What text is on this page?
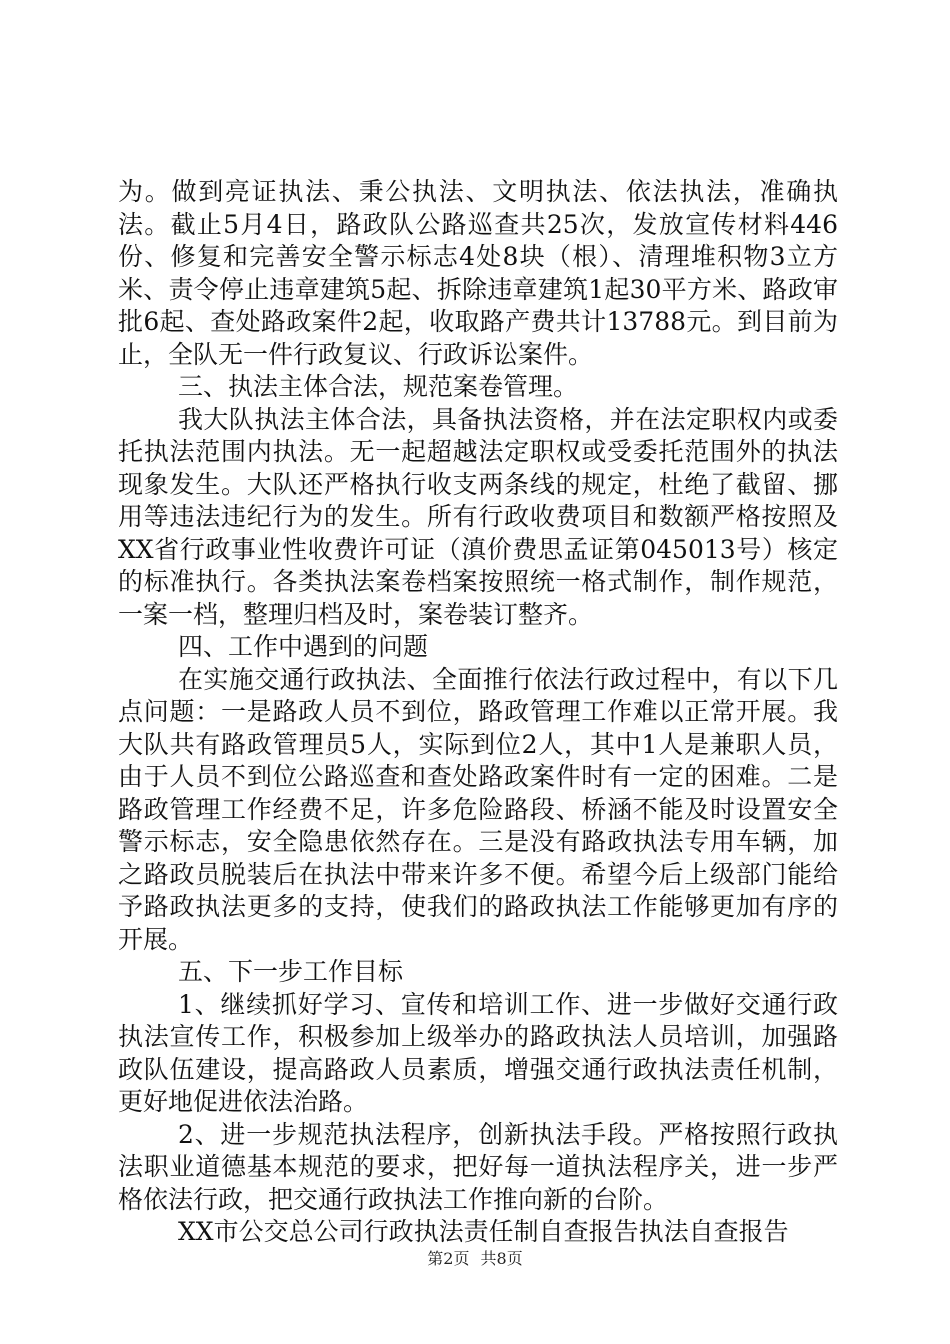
为。做到亮证执法、秉公执法、文明执法、依法执法，准确执法。截止5月4日，路政队公路巡查共25次，发放宣传材料446份、修复和完善安全警示标志4处8块（根）、清理堆积物3立方米、责令停止违章建筑5起、拆除违章建筑1起30平方米、路政审批6起、查处路政案件2起，收取路产费共计13788元。到目前为止，全队无一件行政复议、行政诉讼案件。

三、执法主体合法，规范案卷管理。

我大队执法主体合法，具备执法资格，并在法定职权内或委托执法范围内执法。无一起超越法定职权或受委托范围外的执法现象发生。大队还严格执行收支两条线的规定，杜绝了截留、挪用等违法违纪行为的发生。所有行政收费项目和数额严格按照及XX省行政事业性收费许可证（滇价费思孟证第045013号）核定的标准执行。各类执法案卷档案按照统一格式制作，制作规范，一案一档，整理归档及时，案卷装订整齐。

四、工作中遇到的问题

在实施交通行政执法、全面推行依法行政过程中，有以下几点问题：一是路政人员不到位，路政管理工作难以正常开展。我大队共有路政管理员5人，实际到位2人，其中1人是兼职人员，由于人员不到位公路巡查和查处路政案件时有一定的困难。二是路政管理工作经费不足，许多危险路段、桥涵不能及时设置安全警示标志，安全隐患依然存在。三是没有路政执法专用车辆，加之路政员脱装后在执法中带来许多不便。希望今后上级部门能给予路政执法更多的支持，使我们的路政执法工作能够更加有序的开展。

五、下一步工作目标

1、继续抓好学习、宣传和培训工作、进一步做好交通行政执法宣传工作，积极参加上级举办的路政执法人员培训，加强路政队伍建设，提高路政人员素质，增强交通行政执法责任机制，更好地促进依法治路。

2、进一步规范执法程序，创新执法手段。严格按照行政执法职业道德基本规范的要求，把好每一道执法程序关，进一步严格依法行政，把交通行政执法工作推向新的台阶。

XX市公交总公司行政执法责任制自查报告执法自查报告

第2页 共8页
